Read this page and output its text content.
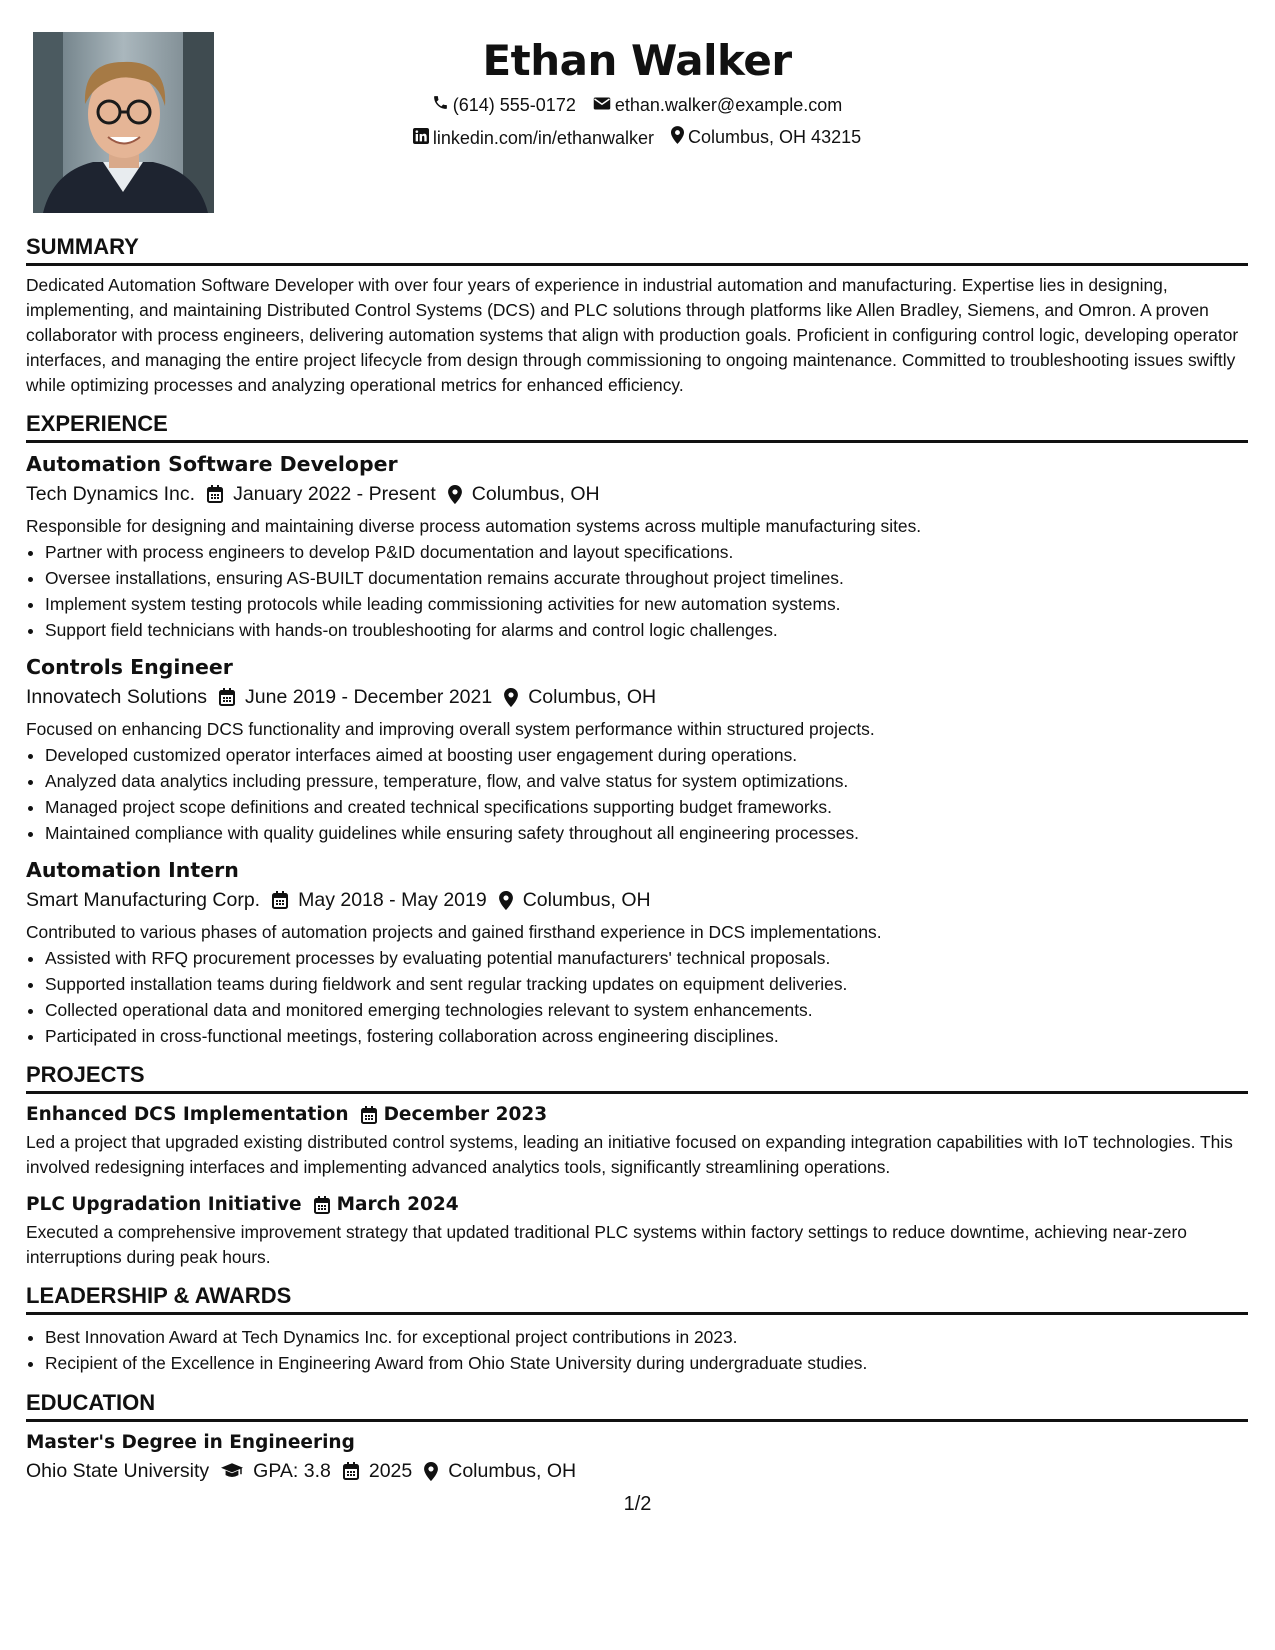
Ethan Walker
(614) 555-0172
ethan.walker@example.com
linkedin.com/in/ethanwalker
Columbus, OH 43215
SUMMARY

Dedicated Automation Software Developer with over four years of experience in industrial automation and manufacturing. Expertise lies in designing, implementing, and maintaining Distributed Control Systems (DCS) and PLC solutions through platforms like Allen Bradley, Siemens, and Omron. A proven collaborator with process engineers, delivering automation systems that align with production goals. Proficient in configuring control logic, developing operator interfaces, and managing the entire project lifecycle from design through commissioning to ongoing maintenance. Committed to troubleshooting issues swiftly while optimizing processes and analyzing operational metrics for enhanced efficiency.

EXPERIENCE
Automation Software Developer
Tech Dynamics Inc. January 2022 - Present Columbus, OH

Responsible for designing and maintaining diverse process automation systems across multiple manufacturing sites.

• Partner with process engineers to develop P&ID documentation and layout specifications.
• Oversee installations, ensuring AS-BUILT documentation remains accurate throughout project timelines.
• Implement system testing protocols while leading commissioning activities for new automation systems.
• Support field technicians with hands-on troubleshooting for alarms and control logic challenges.
Controls Engineer
Innovatech Solutions June 2019 - December 2021 Columbus, OH

Focused on enhancing DCS functionality and improving overall system performance within structured projects.

• Developed customized operator interfaces aimed at boosting user engagement during operations.
• Analyzed data analytics including pressure, temperature, flow, and valve status for system optimizations.
• Managed project scope definitions and created technical specifications supporting budget frameworks.
• Maintained compliance with quality guidelines while ensuring safety throughout all engineering processes.
Automation Intern
Smart Manufacturing Corp. May 2018 - May 2019 Columbus, OH

Contributed to various phases of automation projects and gained firsthand experience in DCS implementations.

• Assisted with RFQ procurement processes by evaluating potential manufacturers' technical proposals.
• Supported installation teams during fieldwork and sent regular tracking updates on equipment deliveries.
• Collected operational data and monitored emerging technologies relevant to system enhancements.
• Participated in cross-functional meetings, fostering collaboration across engineering disciplines.
PROJECTS
Enhanced DCS Implementation December 2023

Led a project that upgraded existing distributed control systems, leading an initiative focused on expanding integration capabilities with IoT technologies. This involved redesigning interfaces and implementing advanced analytics tools, significantly streamlining operations.

PLC Upgradation Initiative March 2024

Executed a comprehensive improvement strategy that updated traditional PLC systems within factory settings to reduce downtime, achieving near-zero interruptions during peak hours.

LEADERSHIP & AWARDS
• Best Innovation Award at Tech Dynamics Inc. for exceptional project contributions in 2023.
• Recipient of the Excellence in Engineering Award from Ohio State University during undergraduate studies.
EDUCATION
Master's Degree in Engineering
Ohio State University GPA: 3.8 2025 Columbus, OH
1/2
